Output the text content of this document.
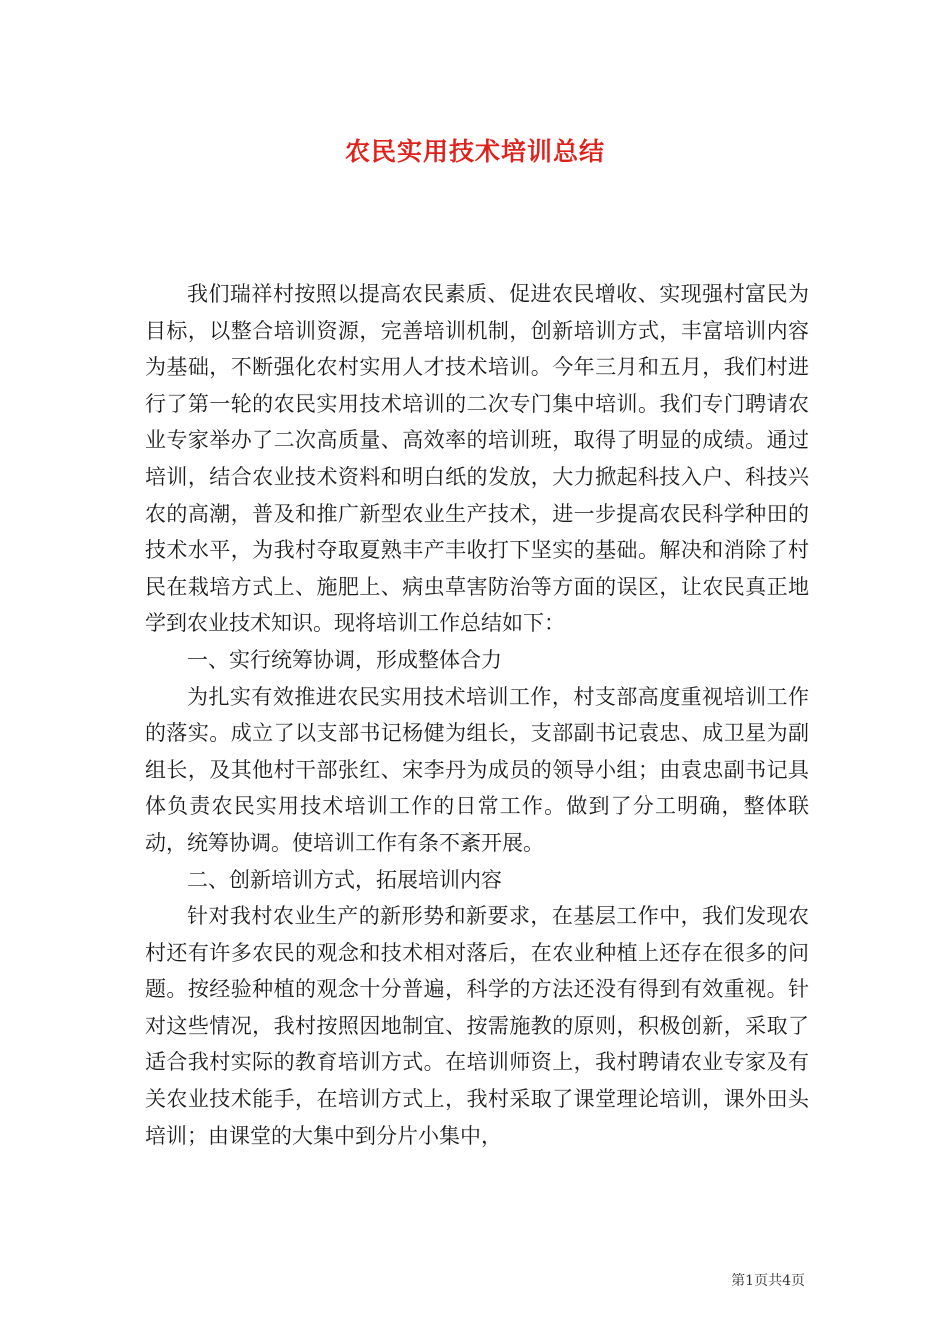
农民实用技术培训总结

我们瑞祥村按照以提高农民素质、促进农民增收、实现强村富民为目标，以整合培训资源，完善培训机制，创新培训方式，丰富培训内容为基础，不断强化农村实用人才技术培训。今年三月和五月，我们村进行了第一轮的农民实用技术培训的二次专门集中培训。我们专门聘请农业专家举办了二次高质量、高效率的培训班，取得了明显的成绩。通过培训，结合农业技术资料和明白纸的发放，大力掀起科技入户、科技兴农的高潮，普及和推广新型农业生产技术，进一步提高农民科学种田的技术水平，为我村夺取夏熟丰产丰收打下坚实的基础。解决和消除了村民在栽培方式上、施肥上、病虫草害防治等方面的误区，让农民真正地学到农业技术知识。现将培训工作总结如下：

一、实行统筹协调，形成整体合力

为扎实有效推进农民实用技术培训工作，村支部高度重视培训工作的落实。成立了以支部书记杨健为组长，支部副书记袁忠、成卫星为副组长，及其他村干部张红、宋李丹为成员的领导小组；由袁忠副书记具体负责农民实用技术培训工作的日常工作。做到了分工明确，整体联动，统筹协调。使培训工作有条不紊开展。

二、创新培训方式，拓展培训内容

针对我村农业生产的新形势和新要求，在基层工作中，我们发现农村还有许多农民的观念和技术相对落后，在农业种植上还存在很多的问题。按经验种植的观念十分普遍，科学的方法还没有得到有效重视。针对这些情况，我村按照因地制宜、按需施教的原则，积极创新，采取了适合我村实际的教育培训方式。在培训师资上，我村聘请农业专家及有关农业技术能手，在培训方式上，我村采取了课堂理论培训，课外田头培训；由课堂的大集中到分片小集中，

第1页共4页
